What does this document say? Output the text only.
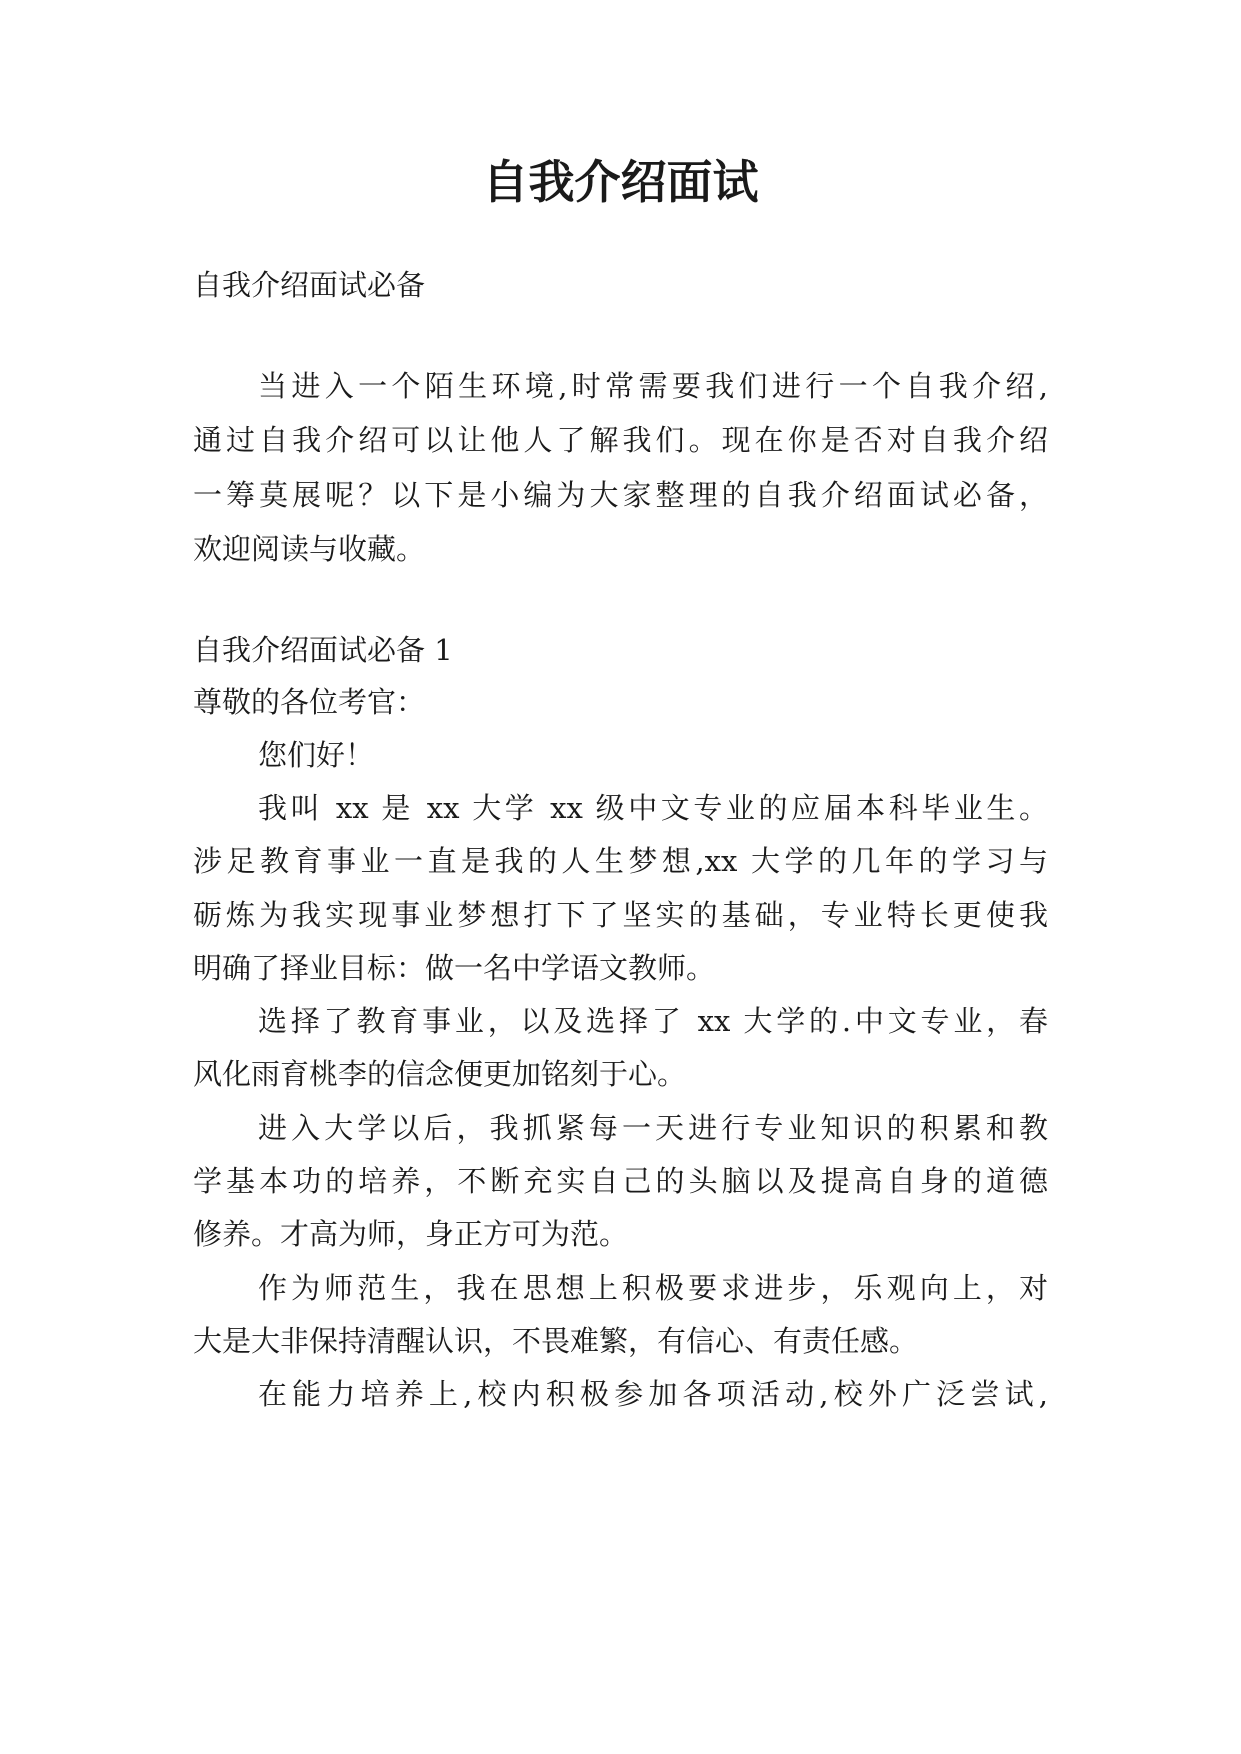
自我介绍面试
自我介绍面试必备
当进入一个陌生环境,时常需要我们进行一个自我介绍,
通过自我介绍可以让他人了解我们。现在你是否对自我介绍
一筹莫展呢？以下是小编为大家整理的自我介绍面试必备，
欢迎阅读与收藏。
自我介绍面试必备 1
尊敬的各位考官：
您们好！
我叫 xx 是 xx 大学 xx 级中文专业的应届本科毕业生。
涉足教育事业一直是我的人生梦想,xx 大学的几年的学习与
砺炼为我实现事业梦想打下了坚实的基础，专业特长更使我
明确了择业目标：做一名中学语文教师。
选择了教育事业，以及选择了 xx 大学的.中文专业，春
风化雨育桃李的信念便更加铭刻于心。
进入大学以后，我抓紧每一天进行专业知识的积累和教
学基本功的培养，不断充实自己的头脑以及提高自身的道德
修养。才高为师，身正方可为范。
作为师范生，我在思想上积极要求进步，乐观向上，对
大是大非保持清醒认识，不畏难繁，有信心、有责任感。
在能力培养上,校内积极参加各项活动,校外广泛尝试,
